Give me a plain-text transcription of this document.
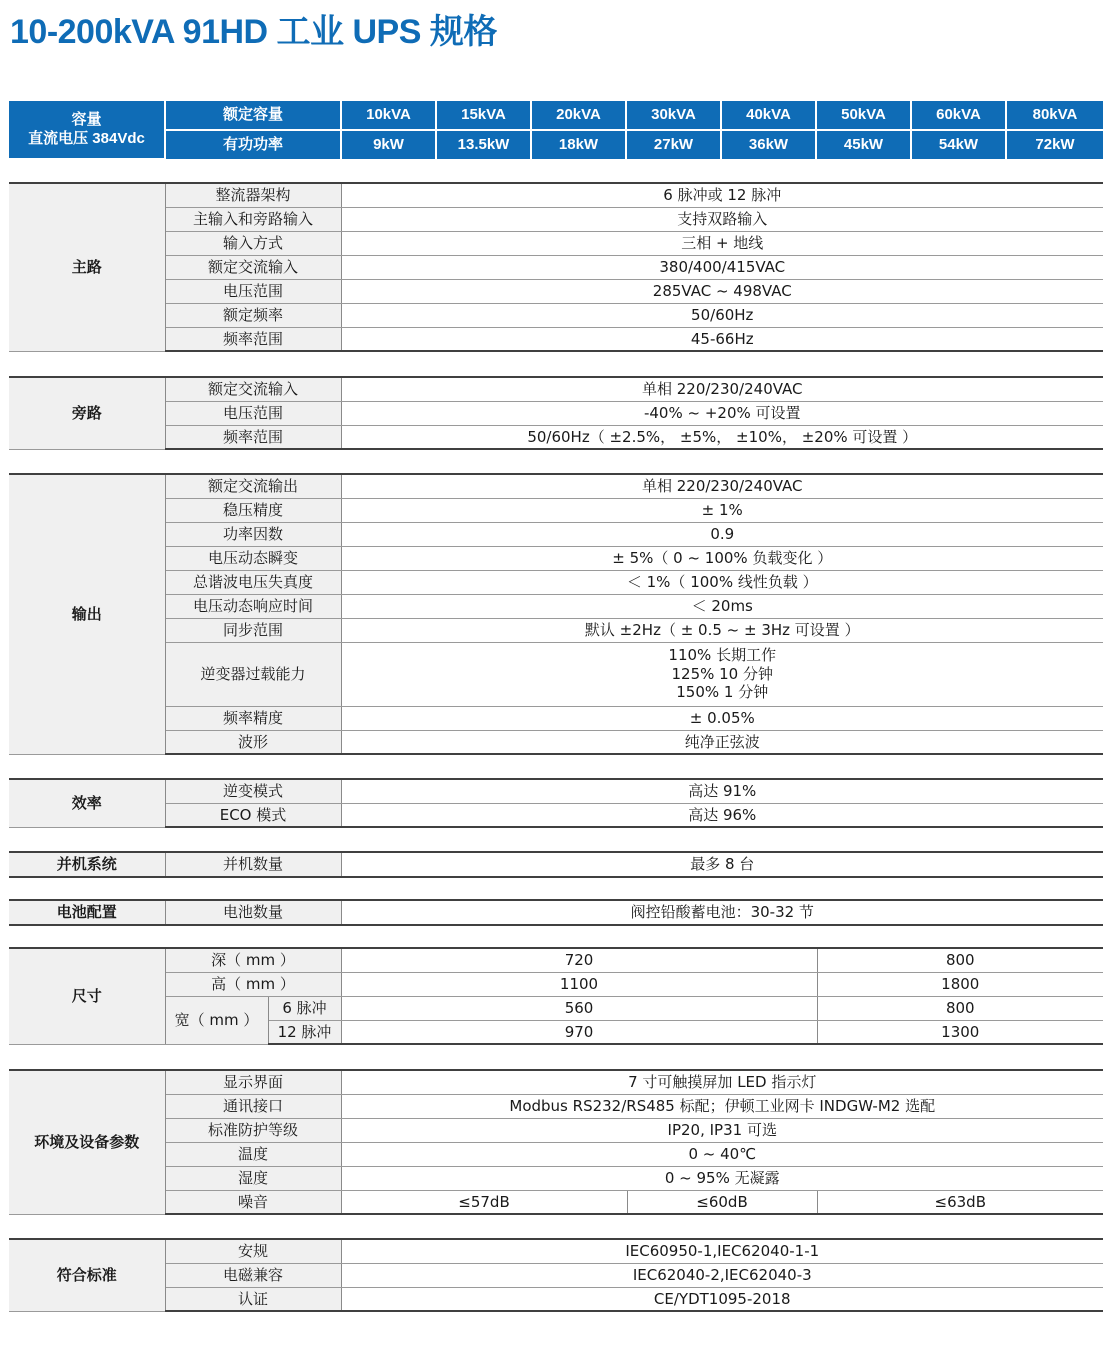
10-200kVA 91HD 工业 UPS 规格
容量
直流电压 384Vdc	额定容量	10kVA	15kVA	20kVA	30kVA	40kVA	50kVA	60kVA	80kVA
	有功功率	9kW	13.5kW	18kW	27kW	36kW	45kW	54kW	72kW
主路	整流器架构	6 脉冲或 12 脉冲
	主输入和旁路输入	支持双路输入
	输入方式	三相 + 地线
	额定交流输入	380/400/415VAC
	电压范围	285VAC ~ 498VAC
	额定频率	50/60Hz
	频率范围	45-66Hz
旁路	额定交流输入	单相 220/230/240VAC
	电压范围	-40% ~ +20% 可设置
	频率范围	50/60Hz（ ±2.5%， ±5%， ±10%， ±20% 可设置 ）
输出	额定交流输出	单相 220/230/240VAC
	稳压精度	± 1%
	功率因数	0.9
	电压动态瞬变	± 5%（ 0 ~ 100% 负载变化 ）
	总谐波电压失真度	＜ 1%（ 100% 线性负载 ）
	电压动态响应时间	＜ 20ms
	同步范围	默认 ±2Hz（ ± 0.5 ~ ± 3Hz 可设置 ）
	逆变器过载能力	110% 长期工作
125% 10 分钟
150% 1 分钟

	频率精度	± 0.05%
	波形	纯净正弦波
效率	逆变模式	高达 91%
	ECO 模式	高达 96%
并机系统	并机数量	最多 8 台
电池配置	电池数量	阀控铅酸蓄电池：30-32 节
尺寸	深（ mm ）		720	800
	高（ mm ）		1100	1800
	宽（ mm ）	6 脉冲	560	800
		12 脉冲	970	1300
环境及设备参数	显示界面	7 寸可触摸屏加 LED 指示灯		
	通讯接口	Modbus RS232/RS485 标配；伊顿工业网卡 INDGW-M2 选配		
	标准防护等级	IP20, IP31 可选		
	温度	0 ~ 40℃		
	湿度	0 ~ 95% 无凝露		
	噪音	≤57dB	≤60dB	≤63dB
符合标准	安规	IEC60950-1,IEC62040-1-1
	电磁兼容	IEC62040-2,IEC62040-3
	认证	CE/YDT1095-2018
